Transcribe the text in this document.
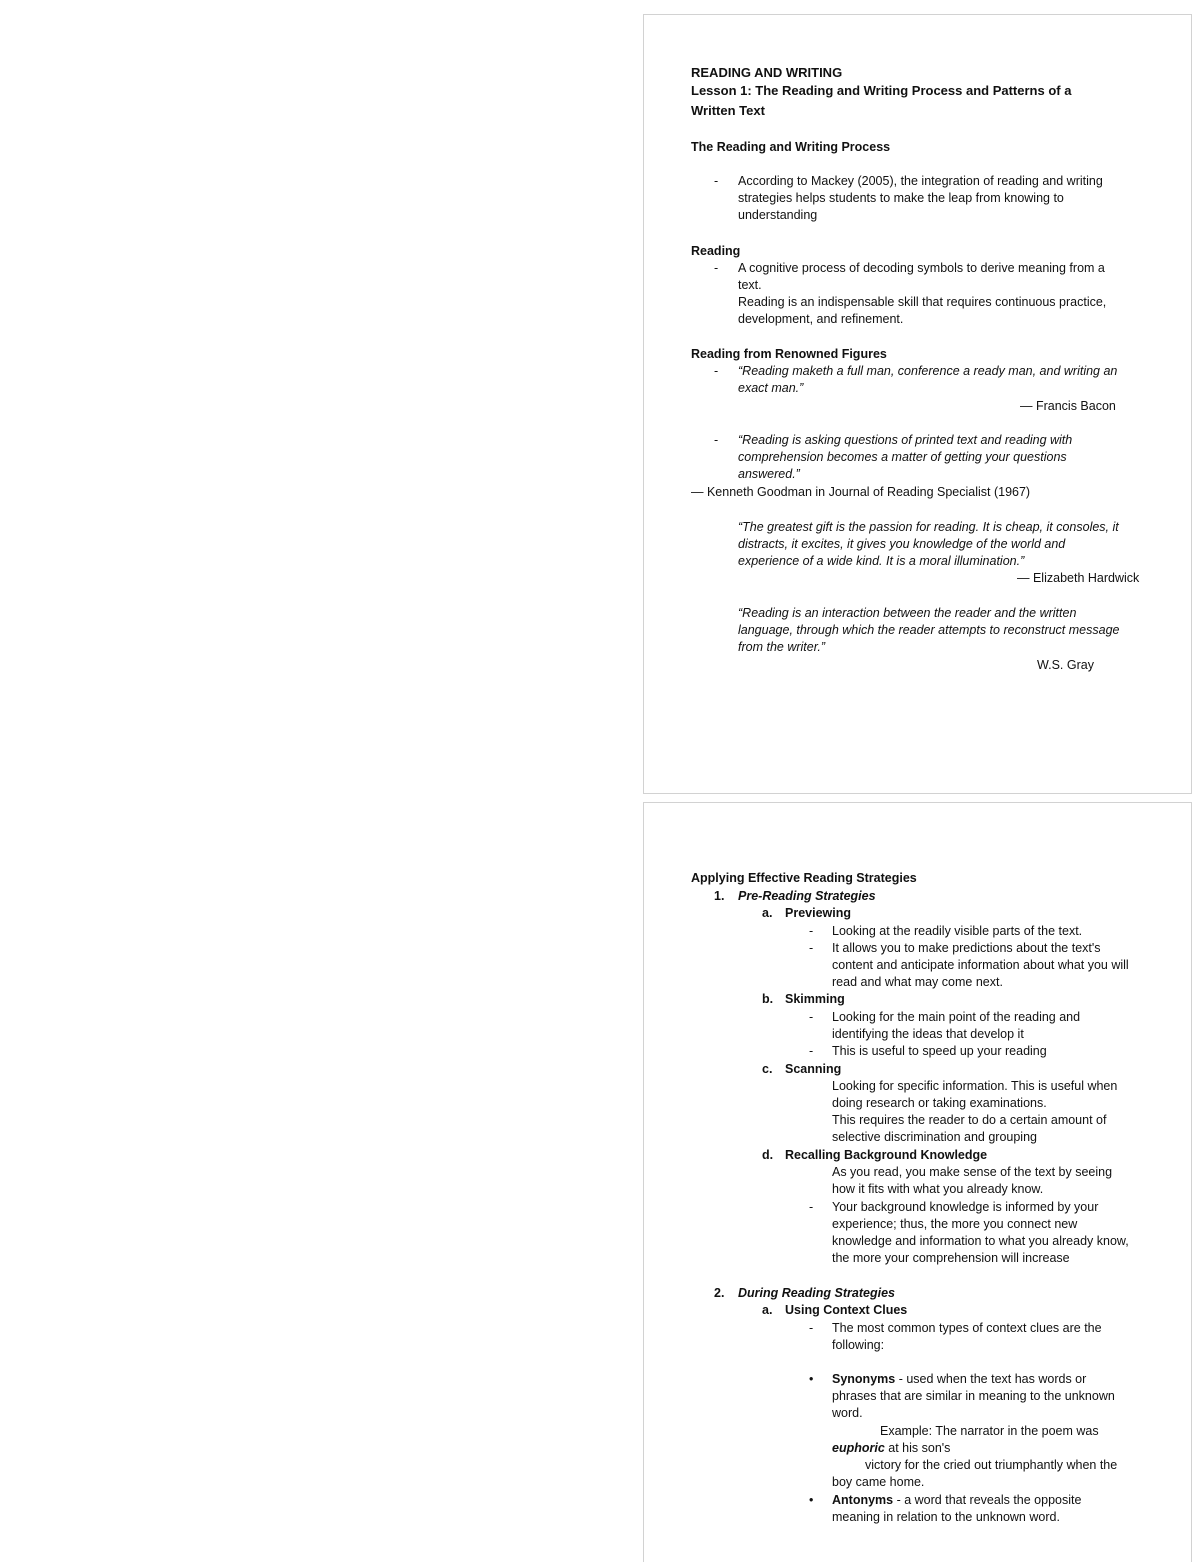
READING AND WRITING
Lesson 1: The Reading and Writing Process and Patterns of a
Written Text
The Reading and Writing Process
- According to Mackey (2005), the integration of reading and writing
strategies helps students to make the leap from knowing to
understanding
Reading
- A cognitive process of decoding symbols to derive meaning from a
text.
Reading is an indispensable skill that requires continuous practice,
development, and refinement.
Reading from Renowned Figures
- “Reading maketh a full man, conference a ready man, and writing an
exact man.”
— Francis Bacon
- “Reading is asking questions of printed text and reading with
comprehension becomes a matter of getting your questions
answered.”
— Kenneth Goodman in Journal of Reading Specialist (1967)
“The greatest gift is the passion for reading. It is cheap, it consoles, it
distracts, it excites, it gives you knowledge of the world and
experience of a wide kind. It is a moral illumination.”
— Elizabeth Hardwick
“Reading is an interaction between the reader and the written
language, through which the reader attempts to reconstruct message
from the writer.”
W.S. Gray
Applying Effective Reading Strategies
1. Pre-Reading Strategies
a. Previewing
- Looking at the readily visible parts of the text.
- It allows you to make predictions about the text's
content and anticipate information about what you will
read and what may come next.
b. Skimming
- Looking for the main point of the reading and
identifying the ideas that develop it
- This is useful to speed up your reading
c. Scanning
Looking for specific information. This is useful when
doing research or taking examinations.
This requires the reader to do a certain amount of
selective discrimination and grouping
d. Recalling Background Knowledge
As you read, you make sense of the text by seeing
how it fits with what you already know.
- Your background knowledge is informed by your
experience; thus, the more you connect new
knowledge and information to what you already know,
the more your comprehension will increase
2. During Reading Strategies
a. Using Context Clues
- The most common types of context clues are the
following:
• Synonyms - used when the text has words or
phrases that are similar in meaning to the unknown
word.
Example: The narrator in the poem was
euphoric at his son's
victory for the cried out triumphantly when the
boy came home.
• Antonyms - a word that reveals the opposite
meaning in relation to the unknown word.
